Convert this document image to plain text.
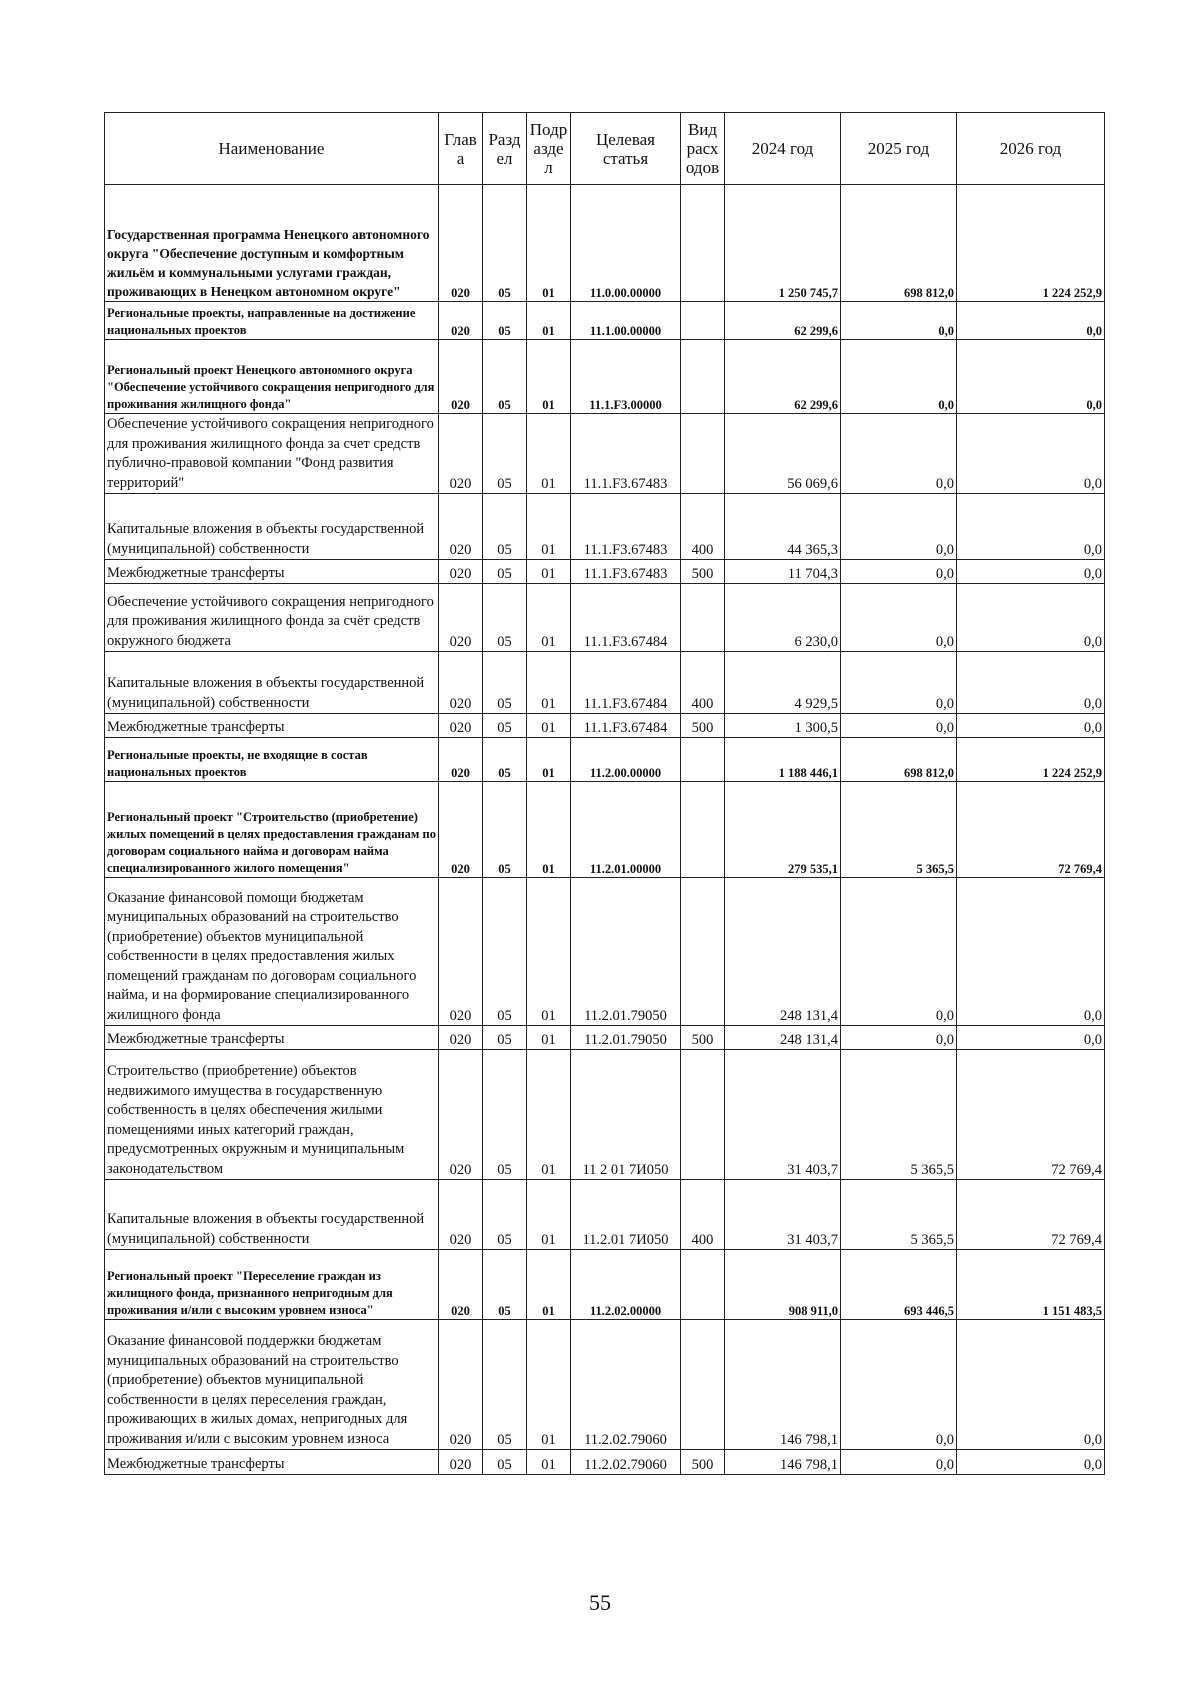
Наименование	Глав а	Разд ел	Подр азде л	Целевая статья	Вид расх одов	2024 год	2025 год	2026 год
Государственная программа Ненецкого автономного округа "Обеспечение доступным и комфортным жильём и коммунальными услугами граждан, проживающих в Ненецком автономном округе"	020	05	01	11.0.00.00000		1 250 745,7	698 812,0	1 224 252,9
Региональные проекты, направленные на достижение национальных проектов	020	05	01	11.1.00.00000		62 299,6	0,0	0,0
Региональный проект Ненецкого автономного округа "Обеспечение устойчивого сокращения непригодного для проживания жилищного фонда"	020	05	01	11.1.F3.00000		62 299,6	0,0	0,0
Обеспечение устойчивого сокращения непригодного для проживания жилищного фонда за счет средств публично-правовой компании "Фонд развития территорий"	020	05	01	11.1.F3.67483		56 069,6	0,0	0,0
Капитальные вложения в объекты государственной (муниципальной) собственности	020	05	01	11.1.F3.67483	400	44 365,3	0,0	0,0
Межбюджетные трансферты	020	05	01	11.1.F3.67483	500	11 704,3	0,0	0,0
Обеспечение устойчивого сокращения непригодного для проживания жилищного фонда за счёт средств окружного бюджета	020	05	01	11.1.F3.67484		6 230,0	0,0	0,0
Капитальные вложения в объекты государственной (муниципальной) собственности	020	05	01	11.1.F3.67484	400	4 929,5	0,0	0,0
Межбюджетные трансферты	020	05	01	11.1.F3.67484	500	1 300,5	0,0	0,0
Региональные проекты, не входящие в состав национальных проектов	020	05	01	11.2.00.00000		1 188 446,1	698 812,0	1 224 252,9
Региональный проект "Строительство (приобретение) жилых помещений в целях предоставления гражданам по договорам социального найма и договорам найма специализированного жилого помещения"	020	05	01	11.2.01.00000		279 535,1	5 365,5	72 769,4
Оказание финансовой помощи бюджетам муниципальных образований на строительство (приобретение) объектов муниципальной собственности в целях предоставления жилых помещений гражданам по договорам социального найма, и на формирование специализированного жилищного фонда	020	05	01	11.2.01.79050		248 131,4	0,0	0,0
Межбюджетные трансферты	020	05	01	11.2.01.79050	500	248 131,4	0,0	0,0
Строительство (приобретение) объектов недвижимого имущества в государственную собственность в целях обеспечения жилыми помещениями иных категорий граждан, предусмотренных окружным и муниципальным законодательством	020	05	01	11 2 01 7И050		31 403,7	5 365,5	72 769,4
Капитальные вложения в объекты государственной (муниципальной) собственности	020	05	01	11.2.01 7И050	400	31 403,7	5 365,5	72 769,4
Региональный проект "Переселение граждан из жилищного фонда, признанного непригодным для проживания и/или с высоким уровнем износа"	020	05	01	11.2.02.00000		908 911,0	693 446,5	1 151 483,5
Оказание финансовой поддержки бюджетам муниципальных образований на строительство (приобретение) объектов муниципальной собственности в целях переселения граждан, проживающих в жилых домах, непригодных для проживания и/или с высоким уровнем износа	020	05	01	11.2.02.79060		146 798,1	0,0	0,0
Межбюджетные трансферты	020	05	01	11.2.02.79060	500	146 798,1	0,0	0,0
55
